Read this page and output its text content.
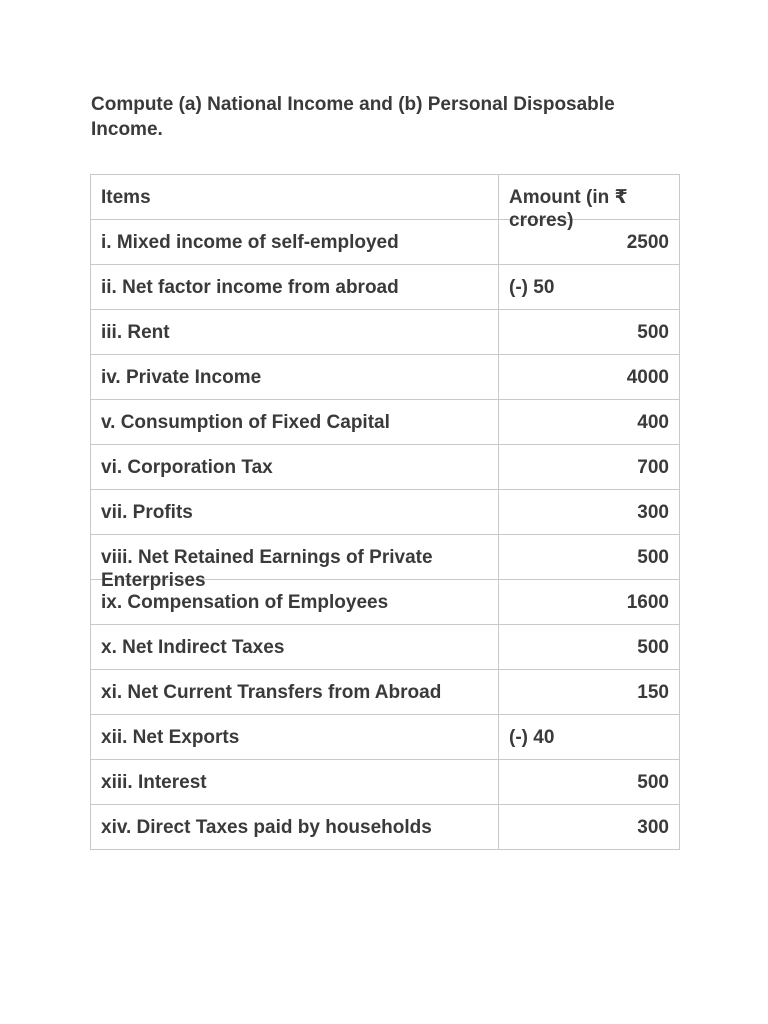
Compute (a) National Income and (b) Personal Disposable Income.

Items	Amount (in ₹ crores)

i. Mixed income of self-employed	2500

ii. Net factor income from abroad	(-) 50

iii. Rent	500

iv. Private Income	4000

v. Consumption of Fixed Capital	400

vi. Corporation Tax	700

vii. Profits	300

viii. Net Retained Earnings of Private Enterprises	500

ix. Compensation of Employees	1600

x. Net Indirect Taxes	500

xi. Net Current Transfers from Abroad	150

xii. Net Exports	(-) 40

xiii. Interest	500

xiv. Direct Taxes paid by households	300
